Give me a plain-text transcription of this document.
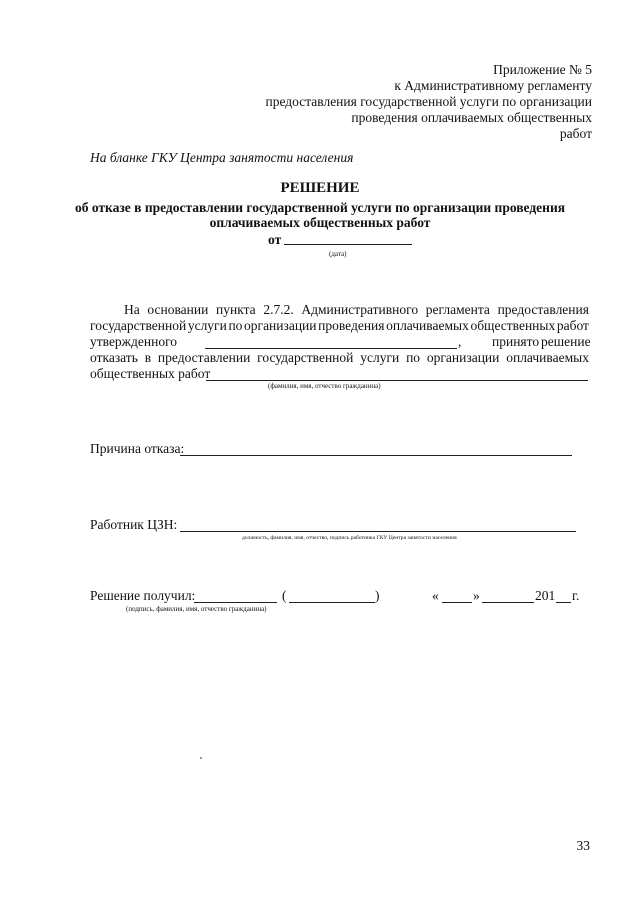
Приложение № 5
к Административному регламенту
предоставления государственной услуги по организации
проведения оплачиваемых общественных
работ
На бланке ГКУ Центра занятости населения
РЕШЕНИЕ
об отказе в предоставлении государственной услуги по организации проведения
оплачиваемых общественных работ
от
(дата)
На основании пункта 2.7.2. Административного регламента предоставления
государственной услуги по организации проведения оплачиваемых общественных работ
утвержденного	, принято решение
отказать в предоставлении государственной услуги по организации оплачиваемых
общественных работ
(фамилия, имя, отчество гражданина)
Причина отказа:
Работник ЦЗН:
должность, фамилия, имя, отчество, подпись работника ГКУ Центра занятости населения
Решение получил:	(	)	«	»	201 г.
(подпись, фамилия, имя, отчество гражданина)
33
